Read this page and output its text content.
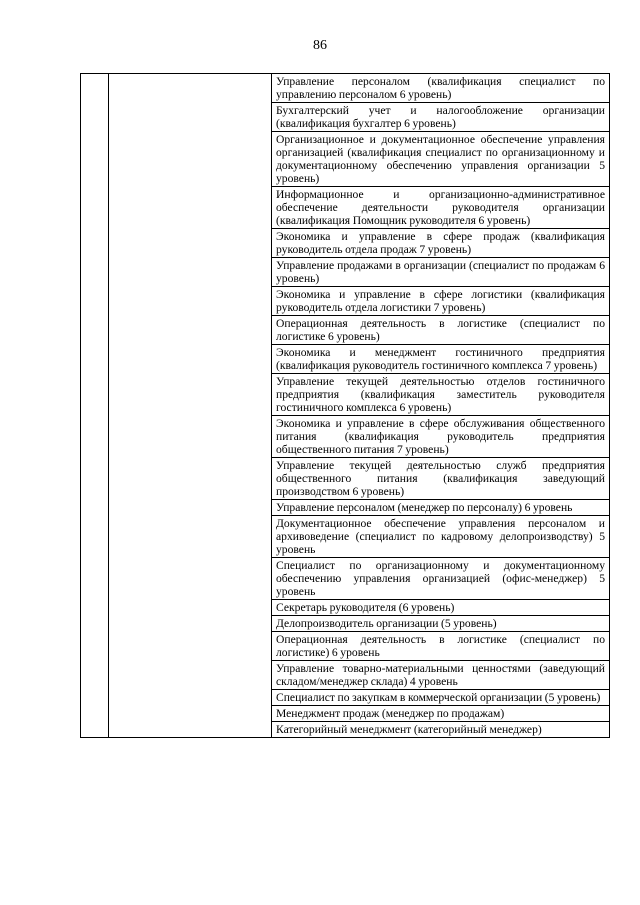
86
		Управление персоналом (квалификация специалист по управлению персоналом 6 уровень)
Бухгалтерский учет и налогообложение организации (квалификация бухгалтер 6 уровень)
Организационное и документационное обеспечение управления организацией (квалификация специалист по организационному и документационному обеспечению управления организации 5 уровень)
Информационное и организационно-административное обеспечение деятельности руководителя организации (квалификация Помощник руководителя 6 уровень)
Экономика и управление в сфере продаж (квалификация руководитель отдела продаж 7 уровень)
Управление продажами в организации (специалист по продажам 6 уровень)
Экономика и управление в сфере логистики (квалификация руководитель отдела логистики 7 уровень)
Операционная деятельность в логистике (специалист по логистике 6 уровень)
Экономика и менеджмент гостиничного предприятия (квалификация руководитель гостиничного комплекса 7 уровень)
Управление текущей деятельностью отделов гостиничного предприятия (квалификация заместитель руководителя гостиничного комплекса 6 уровень)
Экономика и управление в сфере обслуживания общественного питания (квалификация руководитель предприятия общественного питания 7 уровень)
Управление текущей деятельностью служб предприятия общественного питания (квалификация заведующий производством 6 уровень)
Управление персоналом (менеджер по персоналу) 6 уровень
Документационное обеспечение управления персоналом и архивоведение (специалист по кадровому делопроизводству) 5 уровень
Специалист по организационному и документационному обеспечению управления организацией (офис-менеджер) 5 уровень
Секретарь руководителя (6 уровень)
Делопроизводитель организации (5 уровень)
Операционная деятельность в логистике (специалист по логистике) 6 уровень
Управление товарно-материальными ценностями (заведующий складом/менеджер склада) 4 уровень
Специалист по закупкам в коммерческой организации (5 уровень)
Менеджмент продаж (менеджер по продажам)
Категорийный менеджмент (категорийный менеджер)
